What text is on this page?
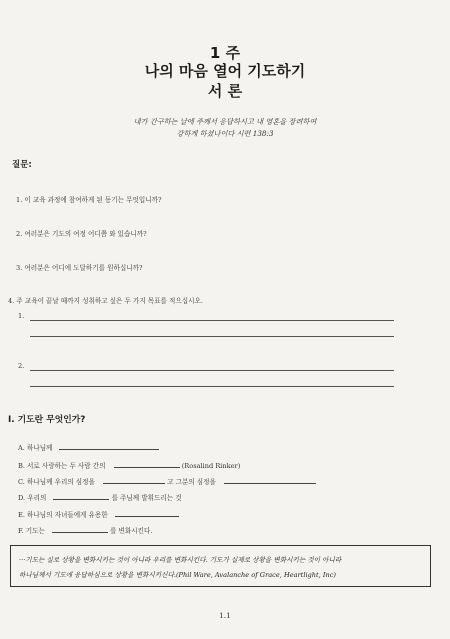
1 주
나의 마음 열어 기도하기
서 론
내가 간구하는 날에 주께서 응답하시고 내 영혼을 장려하여
강하게 하셨나이다 시편 138:3
질문:
1. 이 교육 과정에 참여하게 된 동기는 무엇입니까?
2. 여러분은 기도의 여정 어디쯤 와 있습니까?
3. 여러분은 어디에 도달하기를 원하십니까?
4. 주 교육이 끝날 때까지 성취하고 싶은 두 가지 목표를 적으십시오.
1.
2.
I. 기도란 무엇인가?
A. 하나님께
B. 서로 사랑하는 두 사람 간의	(Rosalind Rinker)
C. 하나님께 우리의 심정을	고 그분의 심정을
D. 우리의	를 주님께 발휘드리는 것
E. 하나님의 자녀들에게 유용한
F. 기도는	를 변화시킨다.
···기도는 실로 상황을 변화시키는 것이 아니라 우리를 변화시킨다. 기도가 실제로 상황을 변화시키는 것이 아니라
하나님께서 기도에 응답하심으로 상황을 변화시키신다.(Phil Ware, Avalanche of Grace, Heartlight, Inc)
1.1
